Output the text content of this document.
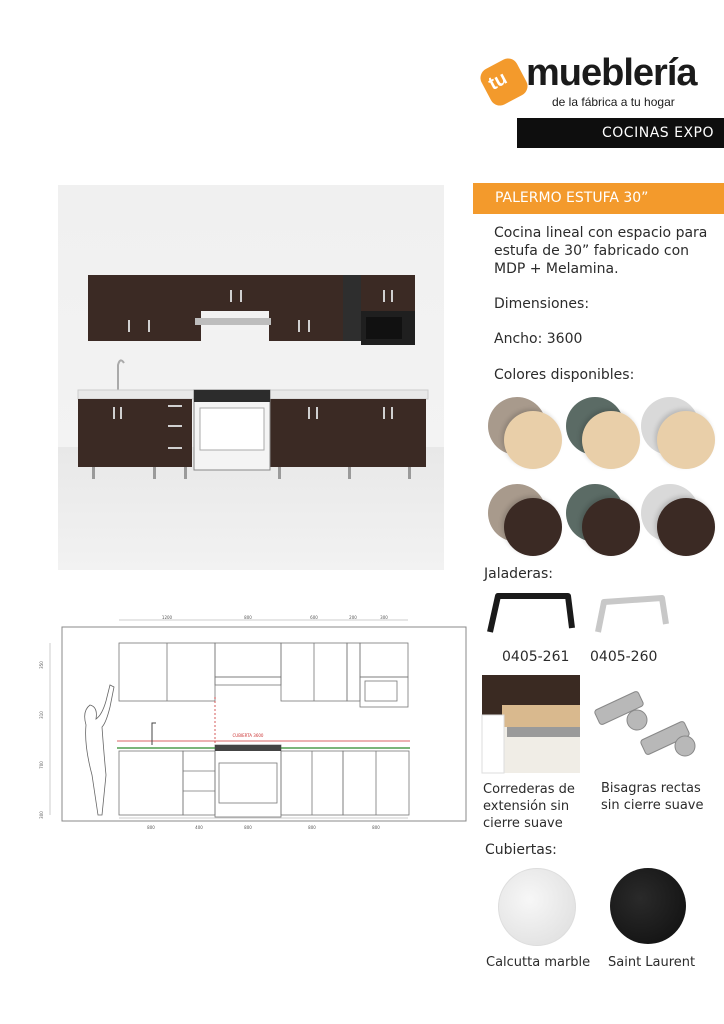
tu mueblería
de la fábrica a tu hogar
COCINAS EXPO
PALERMO ESTUFA 30”
Cocina lineal con espacio para
estufa de 30” fabricado con
MDP + Melamina.
Dimensiones:
Ancho: 3600
Colores disponibles:
Jaladeras:
0405-261 0405-260
Correderas de
extensión sin
cierre suave
Bisagras rectas
sin cierre suave
Cubiertas:
Calcutta marble Saint Laurent
1200	800	600	200	300
800	400	800	800	800
CUBIERTA 3600
350
310
700
300
